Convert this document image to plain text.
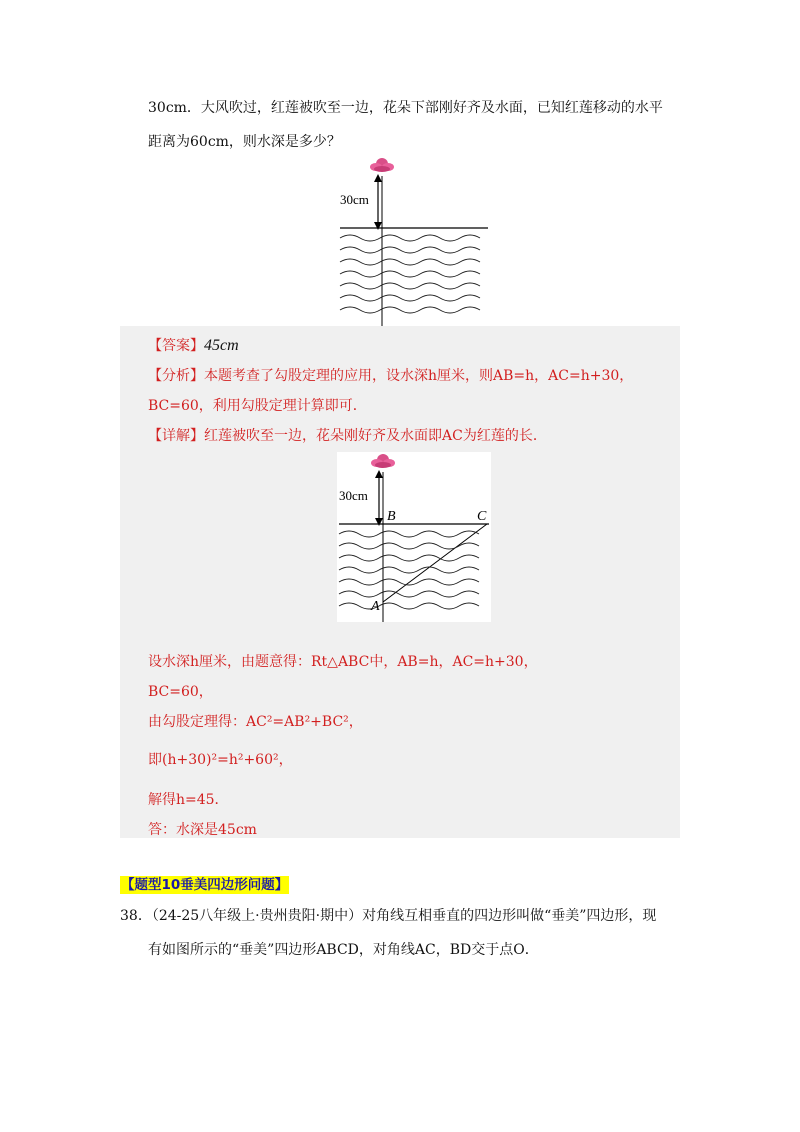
30cm．大风吹过，红莲被吹至一边，花朵下部刚好齐及水面，已知红莲移动的水平
距离为60cm，则水深是多少？
30cm
【答案】45cm
【分析】本题考查了勾股定理的应用，设水深h厘米，则AB=h，AC=h+30，
BC=60，利用勾股定理计算即可．
【详解】红莲被吹至一边，花朵刚好齐及水面即AC为红莲的长．
30cm
B	C
A
设水深h厘米，由题意得：Rt△ABC中，AB=h，AC=h+30，
BC=60，
由勾股定理得：AC²=AB²+BC²，
即(h+30)²=h²+60²，
解得h=45．
答：水深是45cm
【题型10垂美四边形问题】
38．（24-25八年级上·贵州贵阳·期中）对角线互相垂直的四边形叫做“垂美”四边形，现
有如图所示的“垂美”四边形ABCD，对角线AC，BD交于点O．
